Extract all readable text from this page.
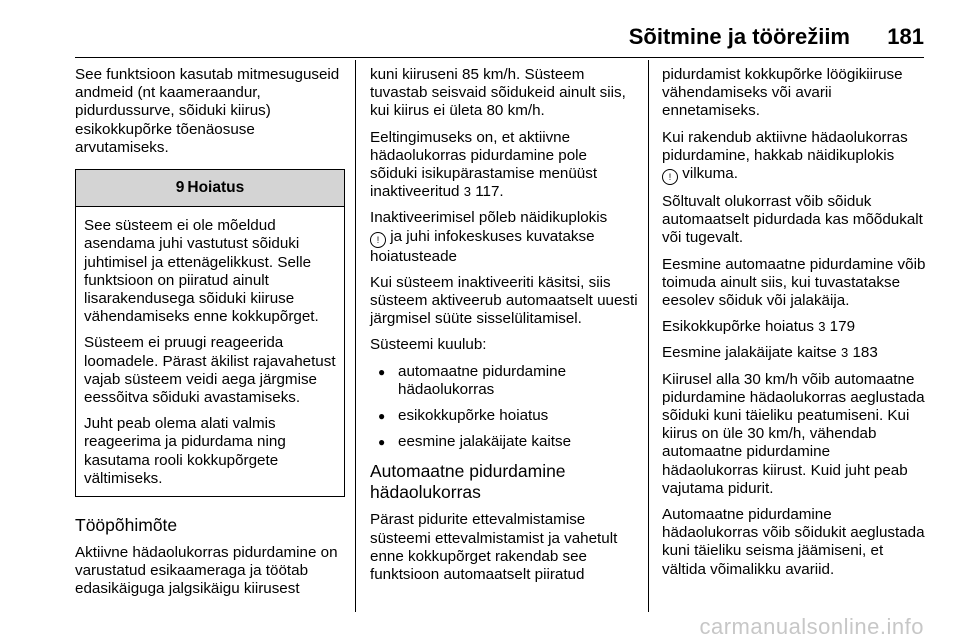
Sõitmine ja töörežiim 181

See funktsioon kasutab mitmesuguseid andmeid (nt kaameraandur, pidurdussurve, sõiduki kiirus) esikokkupõrke tõenäosuse arvutamiseks.

9 Hoiatus

See süsteem ei ole mõeldud asendama juhi vastutust sõiduki juhtimisel ja ettenägelikkust. Selle funktsioon on piiratud ainult lisarakendusega sõiduki kiiruse vähendamiseks enne kokkupõrget.

Süsteem ei pruugi reageerida loomadele. Pärast äkilist rajavahetust vajab süsteem veidi aega järgmise eessõitva sõiduki avastamiseks.

Juht peab olema alati valmis reageerima ja pidurdama ning kasutama rooli kokkupõrgete vältimiseks.

Tööpõhimõte

Aktiivne hädaolukorras pidurdamine on varustatud esikaameraga ja töötab edasikäiguga jalgsikäigu kiirusest

kuni kiiruseni 85 km/h. Süsteem tuvastab seisvaid sõidukeid ainult siis, kui kiirus ei ületa 80 km/h.

Eeltingimuseks on, et aktiivne hädaolukorras pidurdamine pole sõiduki isikupärastamise menüüst inaktiveeritud 3 117.

Inaktiveerimisel põleb näidikuplokis
! ja juhi infokeskuses kuvatakse hoiatusteade

Kui süsteem inaktiveeriti käsitsi, siis süsteem aktiveerub automaatselt uuesti järgmisel süüte sisselülitamisel.

Süsteemi kuulub:

● automaatne pidurdamine hädaolukorras
● esikokkupõrke hoiatus
● eesmine jalakäijate kaitse
Automaatne pidurdamine hädaolukorras

Pärast pidurite ettevalmistamise süsteemi ettevalmistamist ja vahetult enne kokkupõrget rakendab see funktsioon automaatselt piiratud

pidurdamist kokkupõrke löögikiiruse vähendamiseks või avarii ennetamiseks.

Kui rakendub aktiivne hädaolukorras pidurdamine, hakkab näidikuplokis
! vilkuma.

Sõltuvalt olukorrast võib sõiduk automaatselt pidurdada kas mõõdukalt või tugevalt.

Eesmine automaatne pidurdamine võib toimuda ainult siis, kui tuvastatakse eesolev sõiduk või jalakäija.

Esikokkupõrke hoiatus 3 179

Eesmine jalakäijate kaitse 3 183

Kiirusel alla 30 km/h võib automaatne pidurdamine hädaolukorras aeglustada sõiduki kuni täieliku peatumiseni. Kui kiirus on üle 30 km/h, vähendab automaatne pidurdamine hädaolukorras kiirust. Kuid juht peab vajutama pidurit.

Automaatne pidurdamine hädaolukorras võib sõidukit aeglustada kuni täieliku seisma jäämiseni, et vältida võimalikku avariid.

carmanualsonline.info
